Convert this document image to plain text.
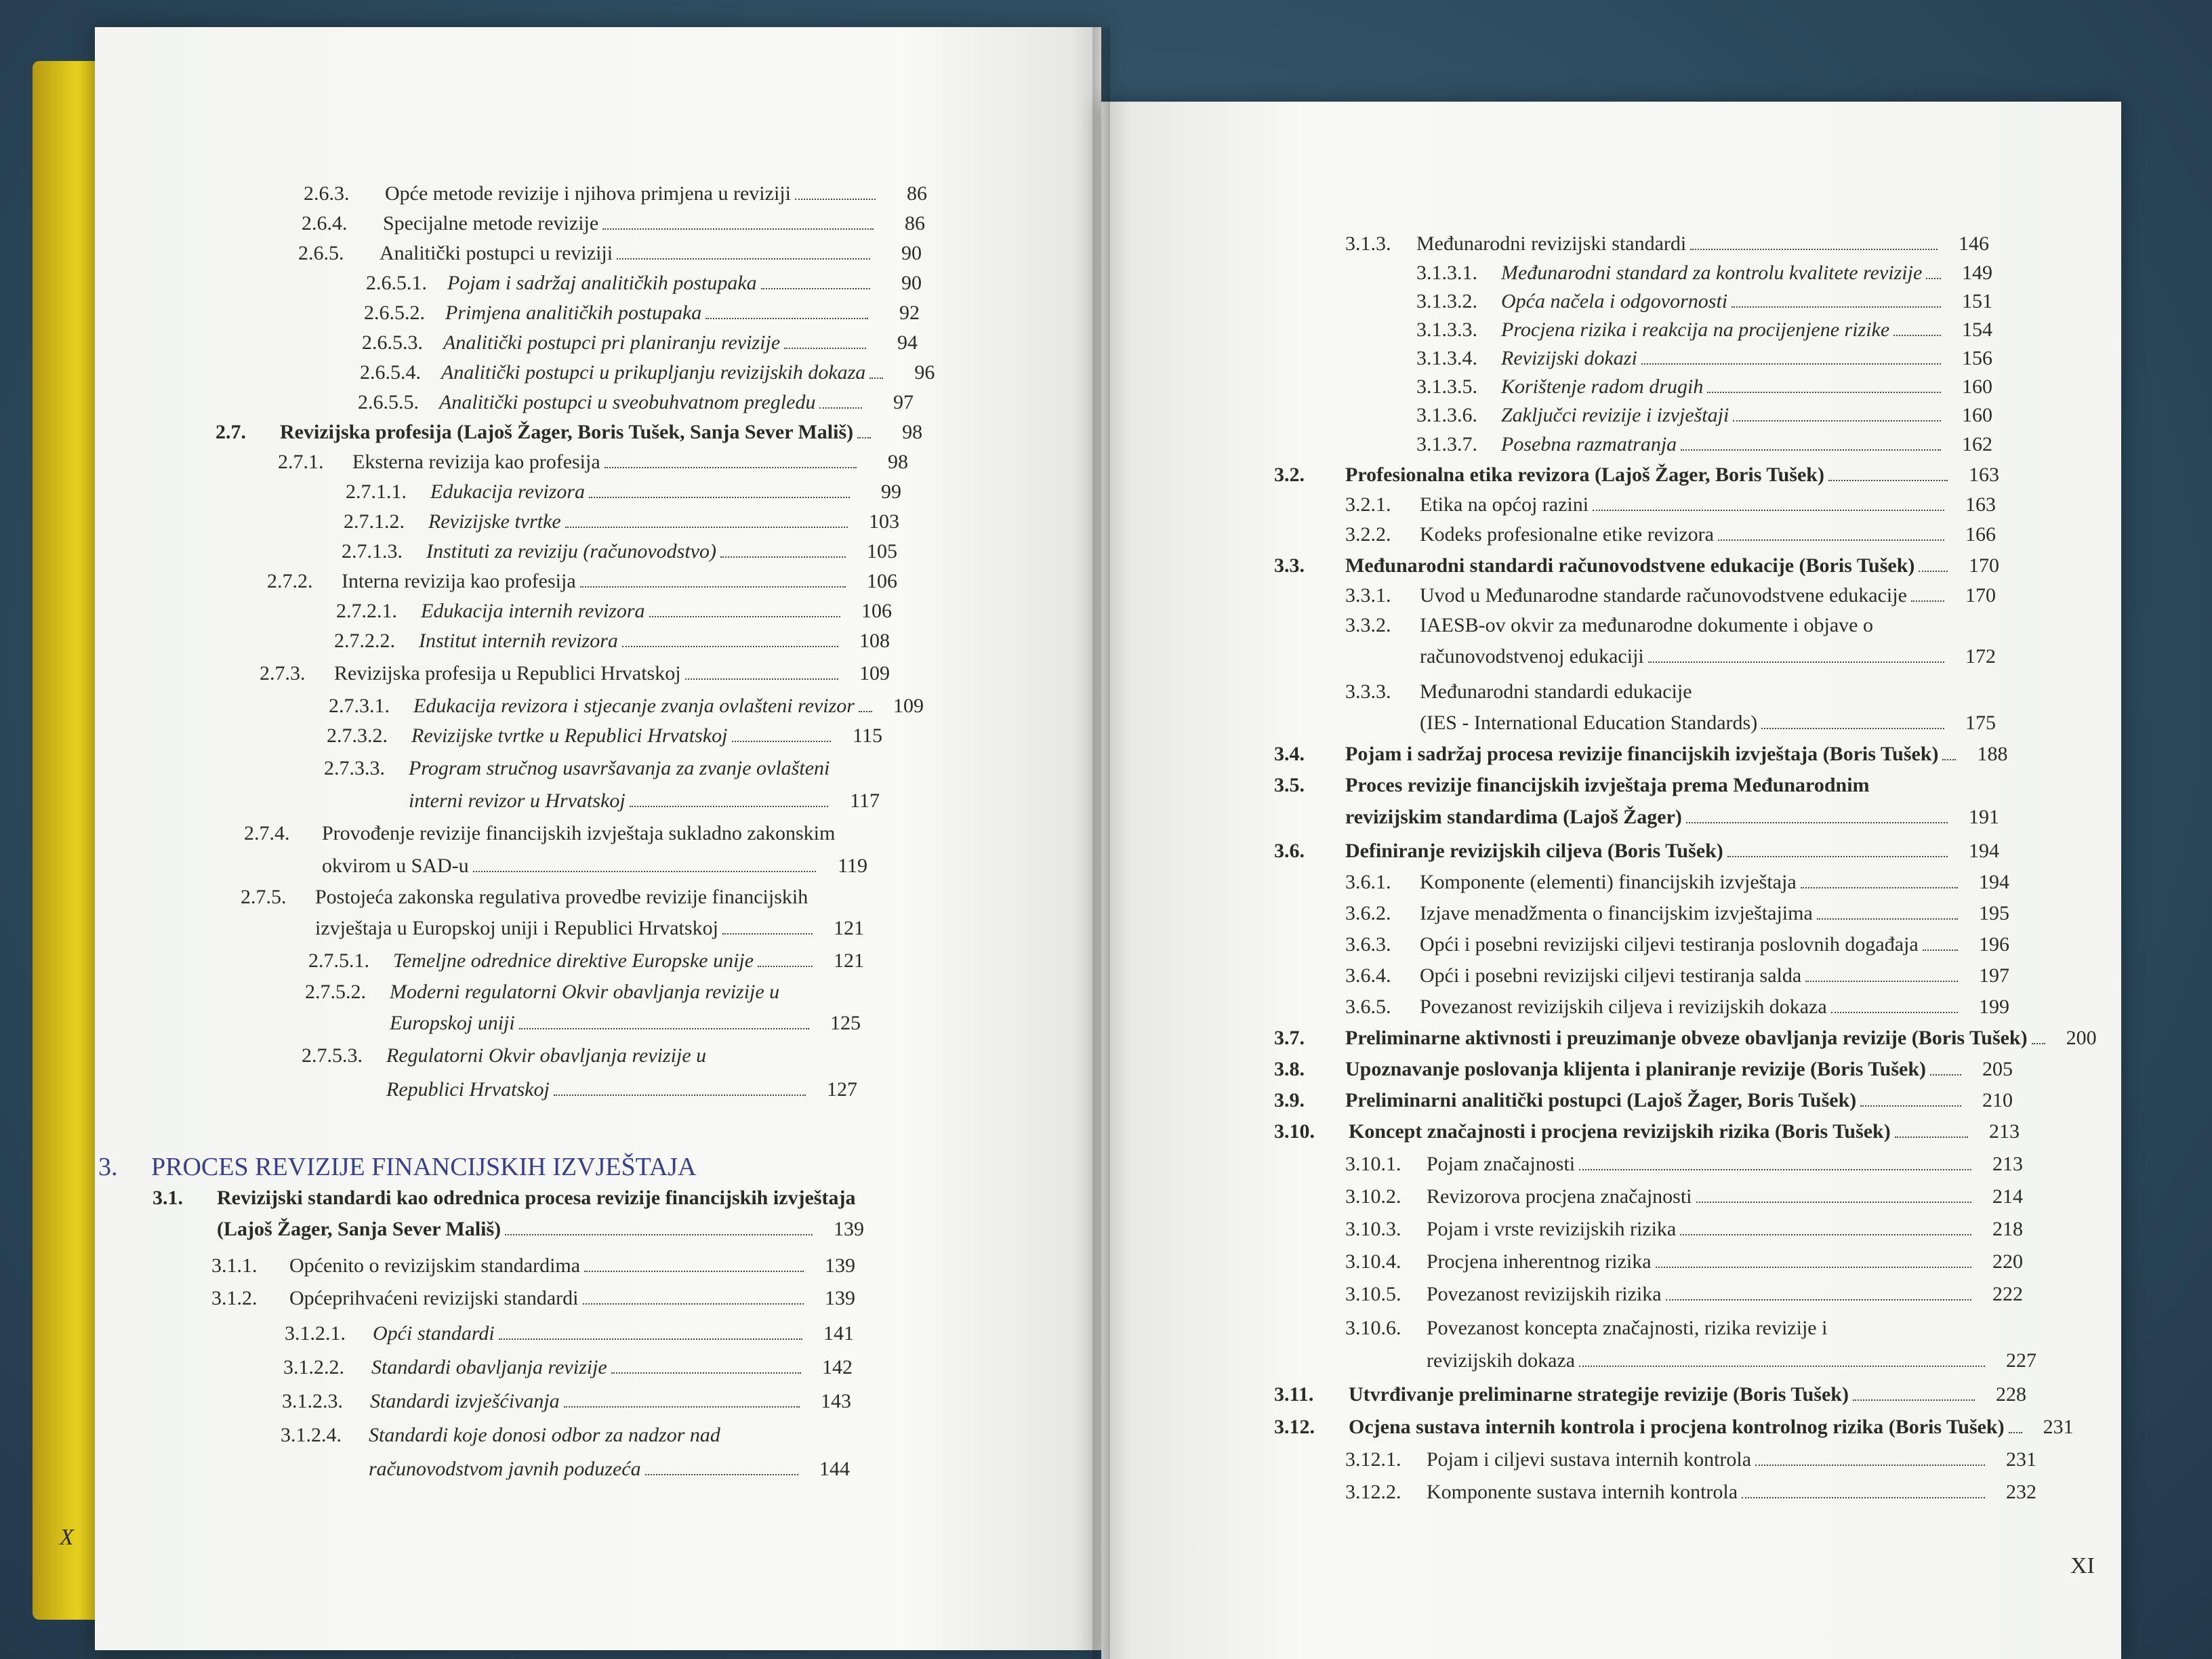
2.6.3.	Opće metode revizije i njihova primjena u reviziji	86
2.6.4.	Specijalne metode revizije	86
2.6.5.	Analitički postupci u reviziji	90
2.6.5.1.	Pojam i sadržaj analitičkih postupaka	90
2.6.5.2.	Primjena analitičkih postupaka	92
2.6.5.3.	Analitički postupci pri planiranju revizije	94
2.6.5.4.	Analitički postupci u prikupljanju revizijskih dokaza	96
2.6.5.5.	Analitički postupci u sveobuhvatnom pregledu	97
2.7.	Revizijska profesija (Lajoš Žager, Boris Tušek, Sanja Sever Mališ)	98
2.7.1.	Eksterna revizija kao profesija	98
2.7.1.1.	Edukacija revizora	99
2.7.1.2.	Revizijske tvrtke	103
2.7.1.3.	Instituti za reviziju (računovodstvo)	105
2.7.2.	Interna revizija kao profesija	106
2.7.2.1.	Edukacija internih revizora	106
2.7.2.2.	Institut internih revizora	108
2.7.3.	Revizijska profesija u Republici Hrvatskoj	109
2.7.3.1.	Edukacija revizora i stjecanje zvanja ovlašteni revizor	109
2.7.3.2.	Revizijske tvrtke u Republici Hrvatskoj	115
2.7.3.3. Program stručnog usavršavanja za zvanje ovlašteni
interni revizor u Hrvatskoj	117
2.7.4. Provođenje revizije financijskih izvještaja sukladno zakonskim
okvirom u SAD-u	119
2.7.5. Postojeća zakonska regulativa provedbe revizije financijskih
izvještaja u Europskoj uniji i Republici Hrvatskoj	121
2.7.5.1.	Temeljne odrednice direktive Europske unije	121
2.7.5.2. Moderni regulatorni Okvir obavljanja revizije u
Europskoj uniji	125
2.7.5.3. Regulatorni Okvir obavljanja revizije u
Republici Hrvatskoj	127
3.1. Revizijski standardi kao odrednica procesa revizije financijskih izvještaja
(Lajoš Žager, Sanja Sever Mališ)	139
3.1.1.	Općenito o revizijskim standardima	139
3.1.2.	Općeprihvaćeni revizijski standardi	139
3.1.2.1.	Opći standardi	141
3.1.2.2.	Standardi obavljanja revizije	142
3.1.2.3.	Standardi izvješćivanja	143
3.1.2.4. Standardi koje donosi odbor za nadzor nad
računovodstvom javnih poduzeća	144
3.1.3.	Međunarodni revizijski standardi	146
3.1.3.1.	Međunarodni standard za kontrolu kvalitete revizije	149
3.1.3.2.	Opća načela i odgovornosti	151
3.1.3.3.	Procjena rizika i reakcija na procijenjene rizike	154
3.1.3.4.	Revizijski dokazi	156
3.1.3.5.	Korištenje radom drugih	160
3.1.3.6.	Zaključci revizije i izvještaji	160
3.1.3.7.	Posebna razmatranja	162
3.2.	Profesionalna etika revizora (Lajoš Žager, Boris Tušek)	163
3.2.1.	Etika na općoj razini	163
3.2.2.	Kodeks profesionalne etike revizora	166
3.3.	Međunarodni standardi računovodstvene edukacije (Boris Tušek)	170
3.3.1.	Uvod u Međunarodne standarde računovodstvene edukacije	170
3.3.2. IAESB-ov okvir za međunarodne dokumente i objave o
računovodstvenoj edukaciji	172
3.3.3. Međunarodni standardi edukacije
(IES - International Education Standards)	175
3.4.	Pojam i sadržaj procesa revizije financijskih izvještaja (Boris Tušek)	188
3.5. Proces revizije financijskih izvještaja prema Međunarodnim
revizijskim standardima (Lajoš Žager)	191
3.6.	Definiranje revizijskih ciljeva (Boris Tušek)	194
3.6.1.	Komponente (elementi) financijskih izvještaja	194
3.6.2.	Izjave menadžmenta o financijskim izvještajima	195
3.6.3.	Opći i posebni revizijski ciljevi testiranja poslovnih događaja	196
3.6.4.	Opći i posebni revizijski ciljevi testiranja salda	197
3.6.5.	Povezanost revizijskih ciljeva i revizijskih dokaza	199
3.7.	Preliminarne aktivnosti i preuzimanje obveze obavljanja revizije (Boris Tušek)	200
3.8.	Upoznavanje poslovanja klijenta i planiranje revizije (Boris Tušek)	205
3.9.	Preliminarni analitički postupci (Lajoš Žager, Boris Tušek)	210
3.10.	Koncept značajnosti i procjena revizijskih rizika (Boris Tušek)	213
3.10.1.	Pojam značajnosti	213
3.10.2.	Revizorova procjena značajnosti	214
3.10.3.	Pojam i vrste revizijskih rizika	218
3.10.4.	Procjena inherentnog rizika	220
3.10.5.	Povezanost revizijskih rizika	222
3.10.6. Povezanost koncepta značajnosti, rizika revizije i
revizijskih dokaza	227
3.11.	Utvrđivanje preliminarne strategije revizije (Boris Tušek)	228
3.12.	Ocjena sustava internih kontrola i procjena kontrolnog rizika (Boris Tušek)	231
3.12.1.	Pojam i ciljevi sustava internih kontrola	231
3.12.2.	Komponente sustava internih kontrola	232
3. PROCES REVIZIJE FINANCIJSKIH IZVJEŠTAJA
X
XI
